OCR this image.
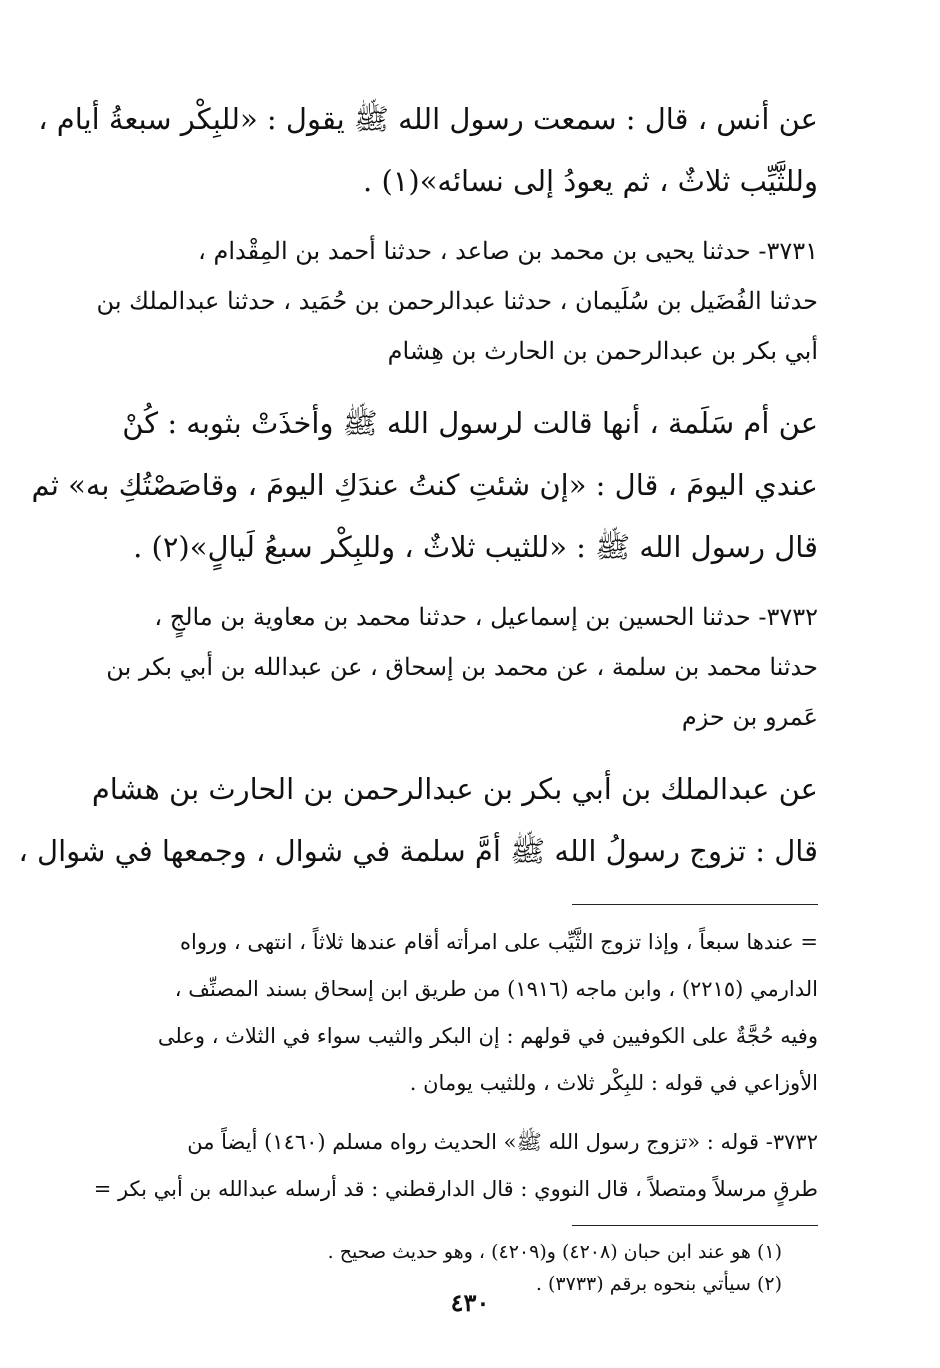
عن أنس ، قال : سمعت رسول الله ﷺ يقول : «للبِكْر سبعةُ أيام ،
وللثَّيِّب ثلاثٌ ، ثم يعودُ إلى نسائه»(١) .

٣٧٣١- حدثنا يحيى بن محمد بن صاعد ، حدثنا أحمد بن المِقْدام ،
حدثنا الفُضَيل بن سُلَيمان ، حدثنا عبدالرحمن بن حُمَيد ، حدثنا عبدالملك بن
أبي بكر بن عبدالرحمن بن الحارث بن هِشام

عن أم سَلَمة ، أنها قالت لرسول الله ﷺ وأخذَتْ بثوبه : كُنْ
عندي اليومَ ، قال : «إن شئتِ كنتُ عندَكِ اليومَ ، وقاصَصْتُكِ به» ثم
قال رسول الله ﷺ : «للثيب ثلاثٌ ، وللبِكْر سبعُ لَيالٍ»(٢) .

٣٧٣٢- حدثنا الحسين بن إسماعيل ، حدثنا محمد بن معاوية بن مالجٍ ،
حدثنا محمد بن سلمة ، عن محمد بن إسحاق ، عن عبدالله بن أبي بكر بن
عَمرو بن حزم

عن عبدالملك بن أبي بكر بن عبدالرحمن بن الحارث بن هشام
قال : تزوج رسولُ الله ﷺ أمَّ سلمة في شوال ، وجمعها في شوال ،

= عندها سبعاً ، وإذا تزوج الثَّيِّب على امرأته أقام عندها ثلاثاً ، انتهى ، ورواه
الدارمي (٢٢١٥) ، وابن ماجه (١٩١٦) من طريق ابن إسحاق بسند المصنِّف ،
وفيه حُجَّةٌ على الكوفيين في قولهم : إن البكر والثيب سواء في الثلاث ، وعلى
الأوزاعي في قوله : للبِكْر ثلاث ، وللثيب يومان .

٣٧٣٢- قوله : «تزوج رسول الله ﷺ» الحديث رواه مسلم (١٤٦٠) أيضاً من
طرقٍ مرسلاً ومتصلاً ، قال النووي : قال الدارقطني : قد أرسله عبدالله بن أبي بكر =

(١) هو عند ابن حبان (٤٢٠٨) و(٤٢٠٩) ، وهو حديث صحيح .

(٢) سيأتي بنحوه برقم (٣٧٣٣) .

٤٣٠
